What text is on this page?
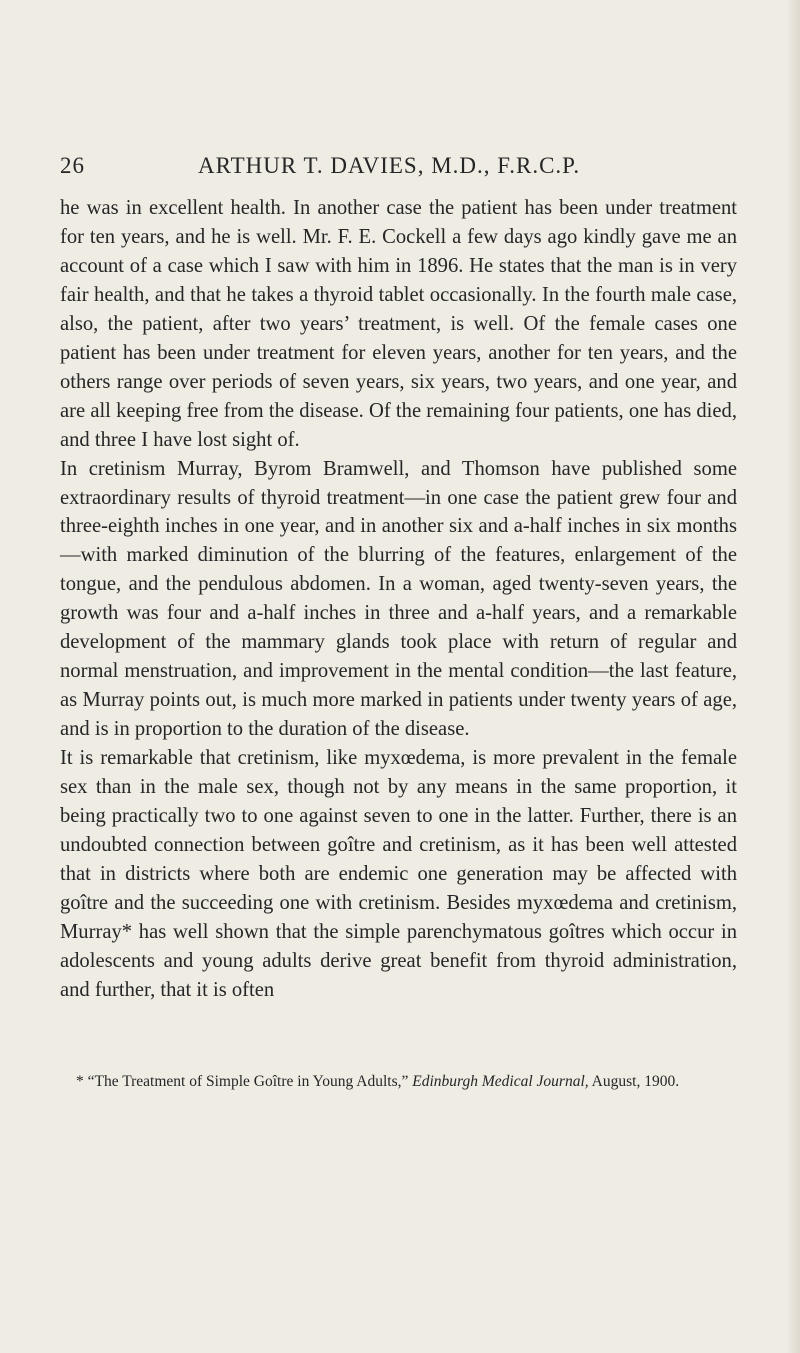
26	ARTHUR T. DAVIES, M.D., F.R.C.P.

he was in excellent health. In another case the patient has been under treatment for ten years, and he is well. Mr. F. E. Cockell a few days ago kindly gave me an account of a case which I saw with him in 1896. He states that the man is in very fair health, and that he takes a thyroid tablet occasionally. In the fourth male case, also, the patient, after two years’ treatment, is well. Of the female cases one patient has been under treatment for eleven years, another for ten years, and the others range over periods of seven years, six years, two years, and one year, and are all keeping free from the disease. Of the remaining four patients, one has died, and three I have lost sight of.

In cretinism Murray, Byrom Bramwell, and Thomson have published some extraordinary results of thyroid treatment—in one case the patient grew four and three-eighth inches in one year, and in another six and a-half inches in six months—with marked diminution of the blurring of the features, enlargement of the tongue, and the pendulous abdomen. In a woman, aged twenty-seven years, the growth was four and a-half inches in three and a-half years, and a remarkable development of the mammary glands took place with return of regular and normal menstruation, and improvement in the mental condition—the last feature, as Murray points out, is much more marked in patients under twenty years of age, and is in proportion to the duration of the disease.

It is remarkable that cretinism, like myxœdema, is more prevalent in the female sex than in the male sex, though not by any means in the same proportion, it being practically two to one against seven to one in the latter. Further, there is an undoubted connection between goître and cretinism, as it has been well attested that in districts where both are endemic one generation may be affected with goître and the succeeding one with cretinism. Besides myxœdema and cretinism, Murray* has well shown that the simple parenchymatous goîtres which occur in adolescents and young adults derive great benefit from thyroid administration, and further, that it is often

* “The Treatment of Simple Goître in Young Adults,” Edinburgh Medical Journal, August, 1900.
